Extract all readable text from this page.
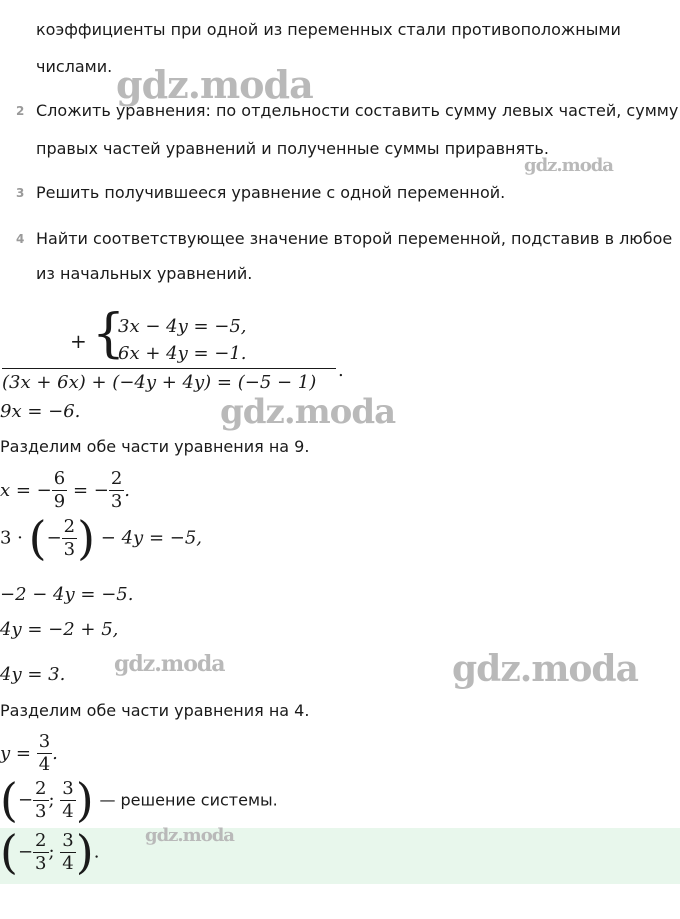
коэффициенты при одной из переменных стали противоположными
числами.
2 Сложить уравнения: по отдельности составить сумму левых частей, сумму
правых частей уравнений и полученные суммы приравнять.
3 Решить получившееся уравнение с одной переменной.
4 Найти соответствующее значение второй переменной, подставив в любое
из начальных уравнений.
+ {
3x − 4y = −5,
6x + 4y = −1.
(3x + 6x) + (−4y + 4y) = (−5 − 1)
.
9x = −6.
Разделим обе части уравнения на 9.
x = − $\frac{6}{9}$ = − $\frac{2}{3}$ .
3 · (− $\frac{2}{3}$ ) − 4y = −5,
−2 − 4y = −5.
4y = −2 + 5,
4y = 3.
Разделим обе части уравнения на 4.
$y = \frac{3}{4}$ .
(− $\frac{2}{3}$ ; $\frac{3}{4}$ ) — решение системы.
(− $\frac{2}{3}$ ; $\frac{3}{4}$ ).
gdz.moda
gdz.moda
gdz.moda
gdz.moda	gdz.moda
gdz.moda
